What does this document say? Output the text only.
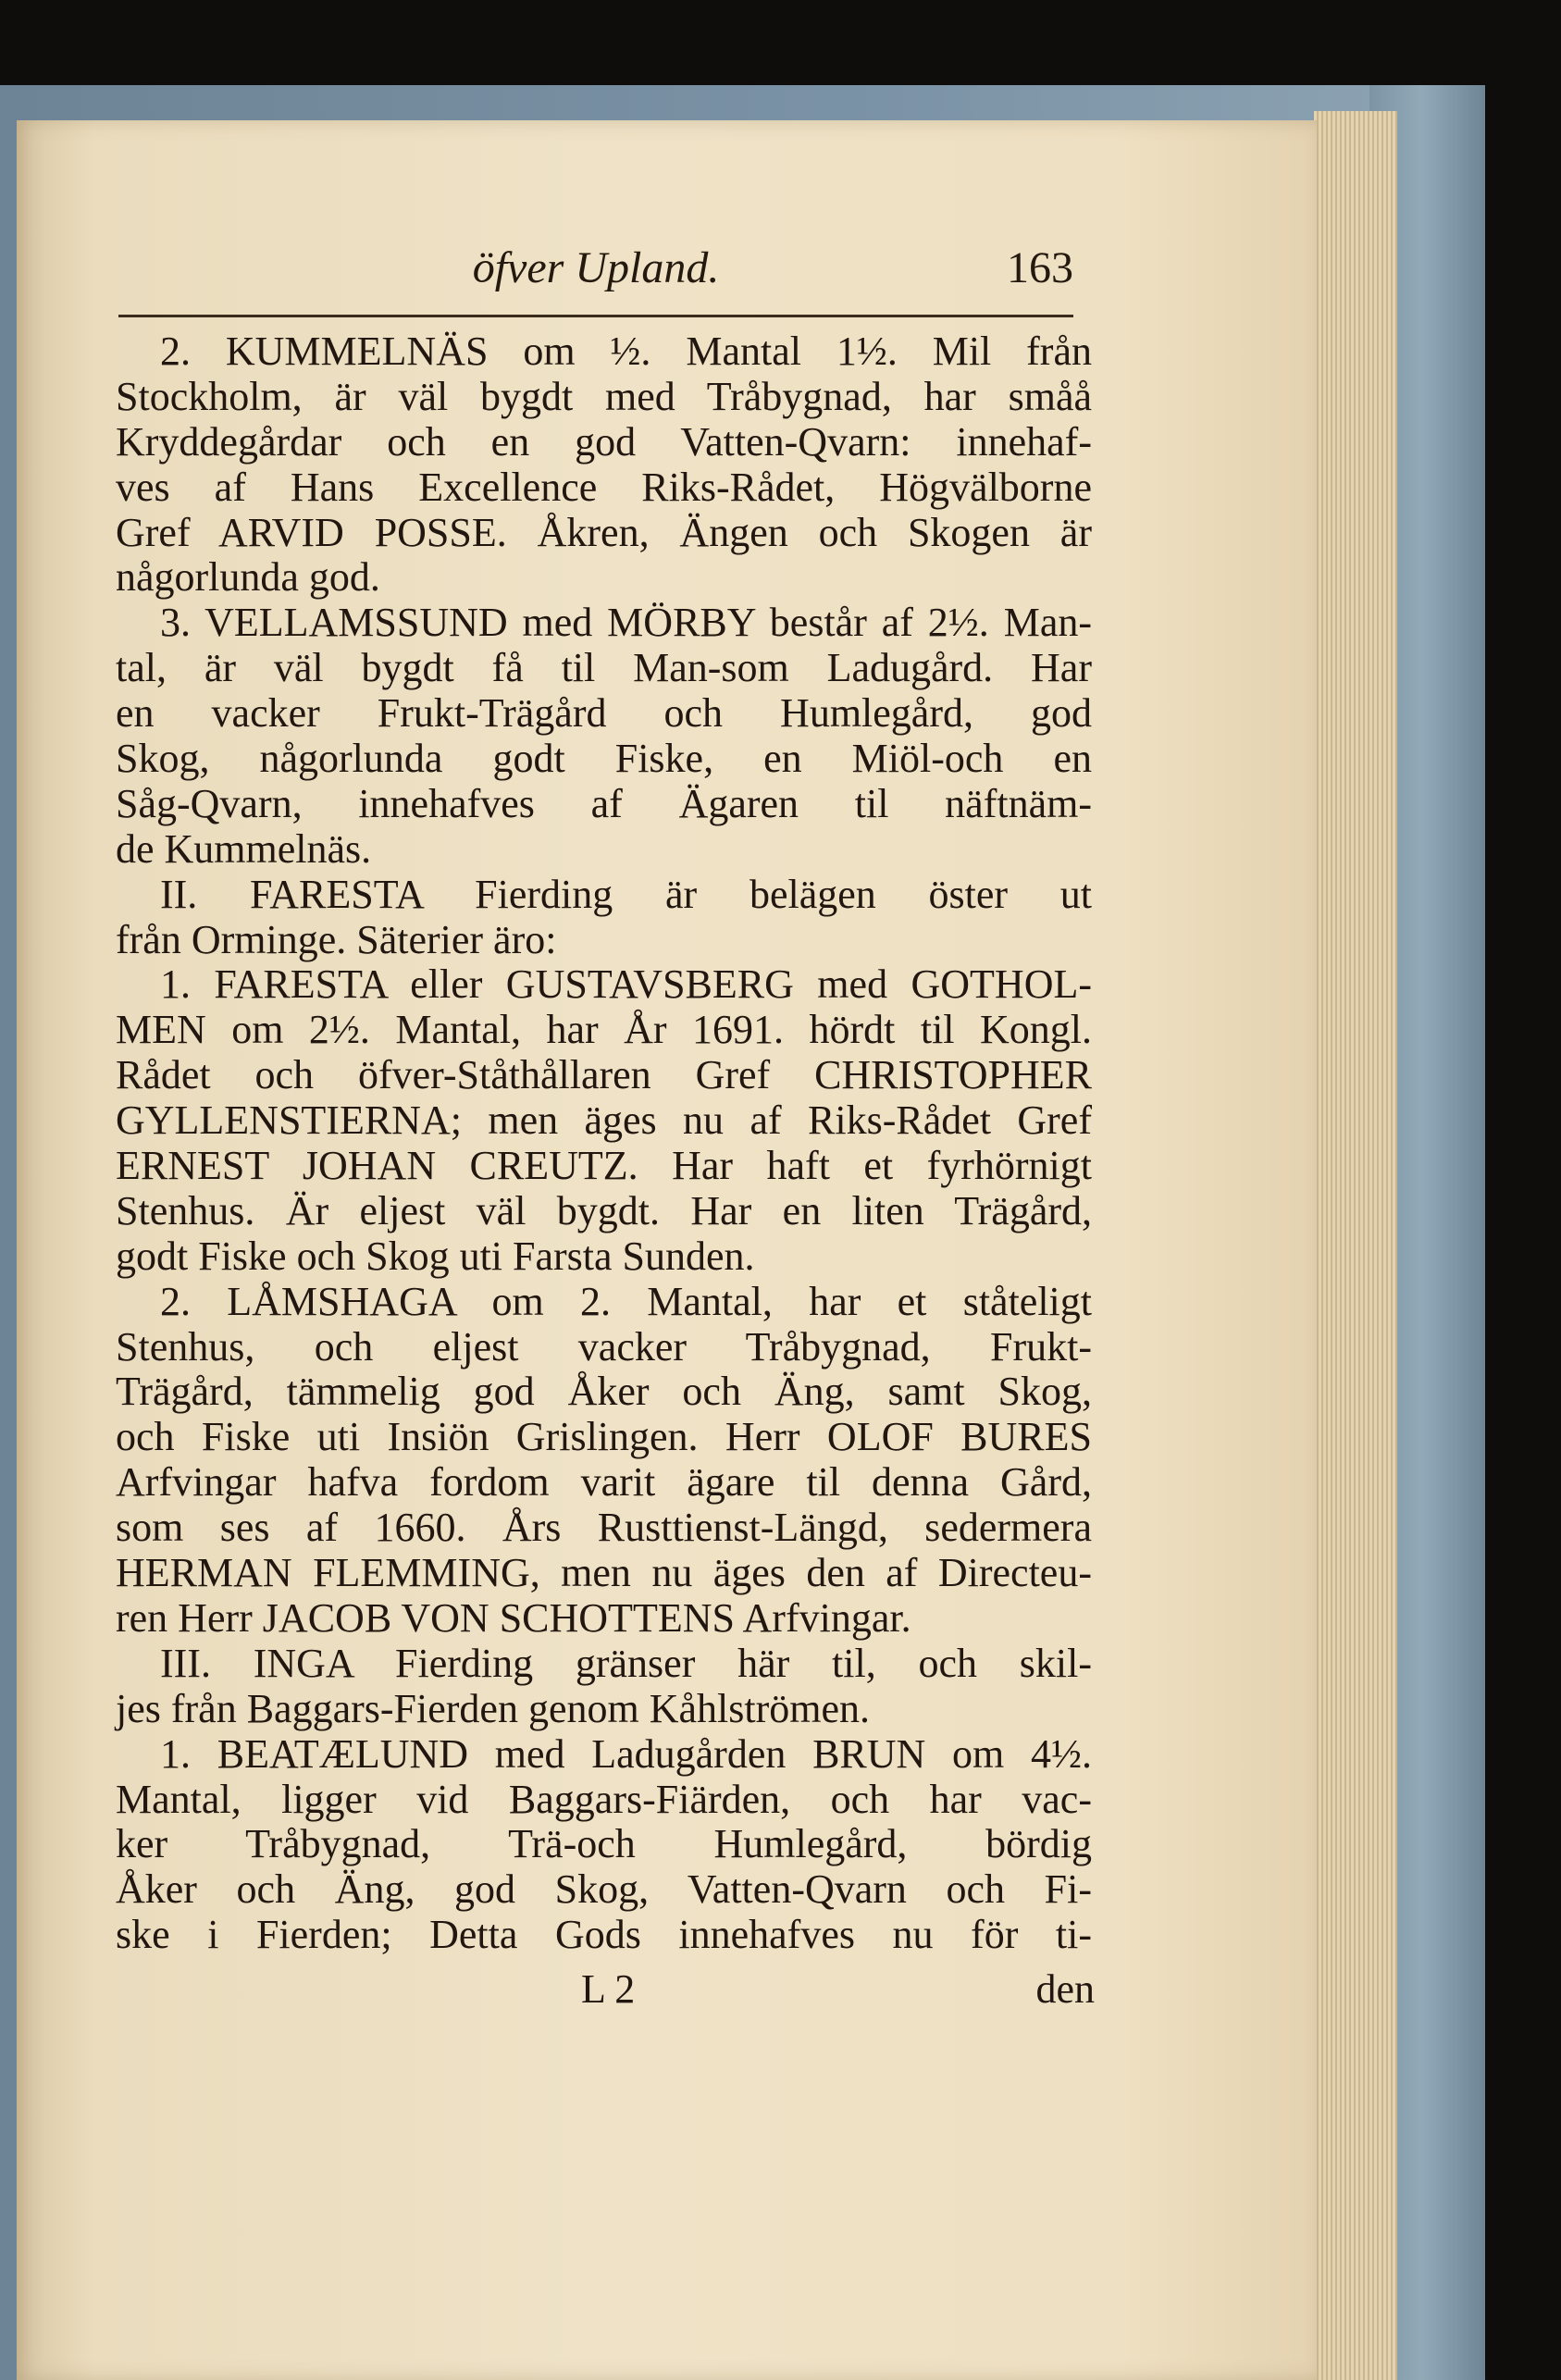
öfver Upland.	163
2. KUMMELNÄS om ½. Mantal 1½. Mil från
Stockholm, är väl bygdt med Tråbygnad, har småå
Kryddegårdar och en god Vatten-Qvarn: innehaf-
ves af Hans Excellence Riks-Rådet, Högvälborne
Gref ARVID POSSE. Åkren, Ängen och Skogen är
någorlunda god.
3. VELLAMSSUND med MÖRBY består af 2½. Man-
tal, är väl bygdt få til Man-som Ladugård. Har
en vacker Frukt-Trägård och Humlegård, god
Skog, någorlunda godt Fiske, en Miöl-och en
Såg-Qvarn, innehafves af Ägaren til näftnäm-
de Kummelnäs.
II. FARESTA Fierding är belägen öster ut
från Orminge. Säterier äro:
1. FARESTA eller GUSTAVSBERG med GOTHOL-
MEN om 2½. Mantal, har År 1691. hördt til Kongl.
Rådet och öfver-Ståthållaren Gref CHRISTOPHER
GYLLENSTIERNA; men äges nu af Riks-Rådet Gref
ERNEST JOHAN CREUTZ. Har haft et fyrhörnigt
Stenhus. Är eljest väl bygdt. Har en liten Trägård,
godt Fiske och Skog uti Farsta Sunden.
2. LÅMSHAGA om 2. Mantal, har et ståteligt
Stenhus, och eljest vacker Tråbygnad, Frukt-
Trägård, tämmelig god Åker och Äng, samt Skog,
och Fiske uti Insiön Grislingen. Herr OLOF BURES
Arfvingar hafva fordom varit ägare til denna Gård,
som ses af 1660. Års Rusttienst-Längd, sedermera
HERMAN FLEMMING, men nu äges den af Directeu-
ren Herr JACOB VON SCHOTTENS Arfvingar.
III. INGA Fierding gränser här til, och skil-
jes från Baggars-Fierden genom Kåhlströmen.
1. BEATÆLUND med Ladugården BRUN om 4½.
Mantal, ligger vid Baggars-Fiärden, och har vac-
ker Tråbygnad, Trä-och Humlegård, bördig
Åker och Äng, god Skog, Vatten-Qvarn och Fi-
ske i Fierden; Detta Gods innehafves nu för ti-
L 2	den
